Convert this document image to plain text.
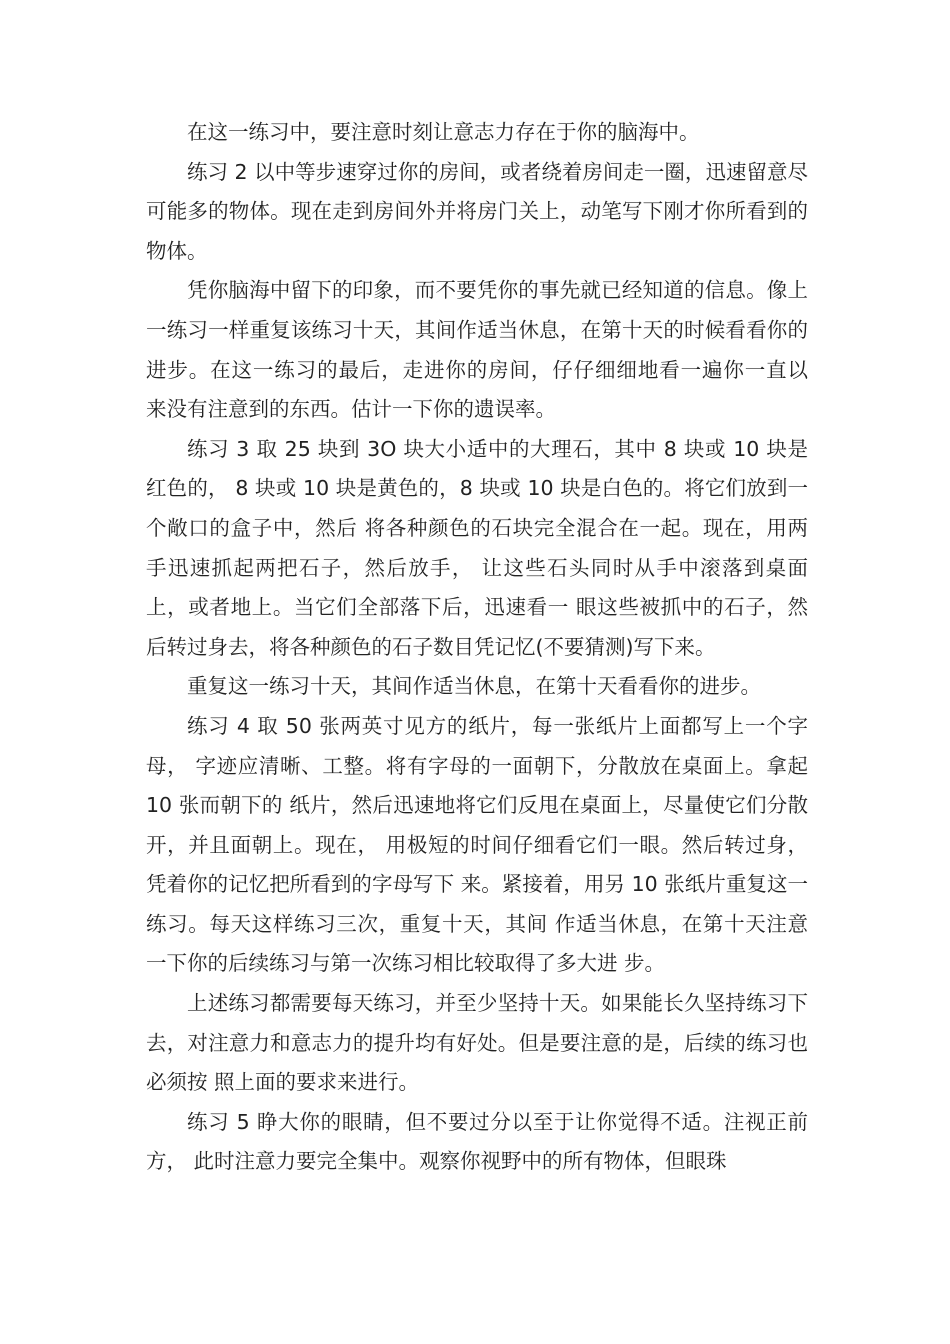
在这一练习中，要注意时刻让意志力存在于你的脑海中。

练习 2 以中等步速穿过你的房间，或者绕着房间走一圈，迅速留意尽 可能多的物体。现在走到房间外并将房门关上，动笔写下刚才你所看到的物体。

凭你脑海中留下的印象，而不要凭你的事先就已经知道的信息。像上一练习一样重复该练习十天，其间作适当休息，在第十天的时候看看你的进步。在这一练习的最后，走进你的房间，仔仔细细地看一遍你一直以 来没有注意到的东西。估计一下你的遗误率。

练习 3 取 25 块到 3O 块大小适中的大理石，其中 8 块或 10 块是红色的， 8 块或 10 块是黄色的，8 块或 10 块是白色的。将它们放到一个敞口的盒子中，然后 将各种颜色的石块完全混合在一起。现在，用两手迅速抓起两把石子，然后放手， 让这些石头同时从手中滚落到桌面上，或者地上。当它们全部落下后，迅速看一 眼这些被抓中的石子，然后转过身去，将各种颜色的石子数目凭记忆(不要猜测)写下来。

重复这一练习十天，其间作适当休息，在第十天看看你的进步。

练习 4 取 50 张两英寸见方的纸片，每一张纸片上面都写上一个字母， 字迹应清晰、工整。将有字母的一面朝下，分散放在桌面上。拿起 10 张而朝下的 纸片，然后迅速地将它们反甩在桌面上，尽量使它们分散开，并且面朝上。现在， 用极短的时间仔细看它们一眼。然后转过身，凭着你的记忆把所看到的字母写下 来。紧接着，用另 10 张纸片重复这一练习。每天这样练习三次，重复十天，其间 作适当休息，在第十天注意一下你的后续练习与第一次练习相比较取得了多大进 步。

上述练习都需要每天练习，并至少坚持十天。如果能长久坚持练习下 去，对注意力和意志力的提升均有好处。但是要注意的是，后续的练习也必须按 照上面的要求来进行。

练习 5 睁大你的眼睛，但不要过分以至于让你觉得不适。注视正前方， 此时注意力要完全集中。观察你视野中的所有物体，但眼珠
